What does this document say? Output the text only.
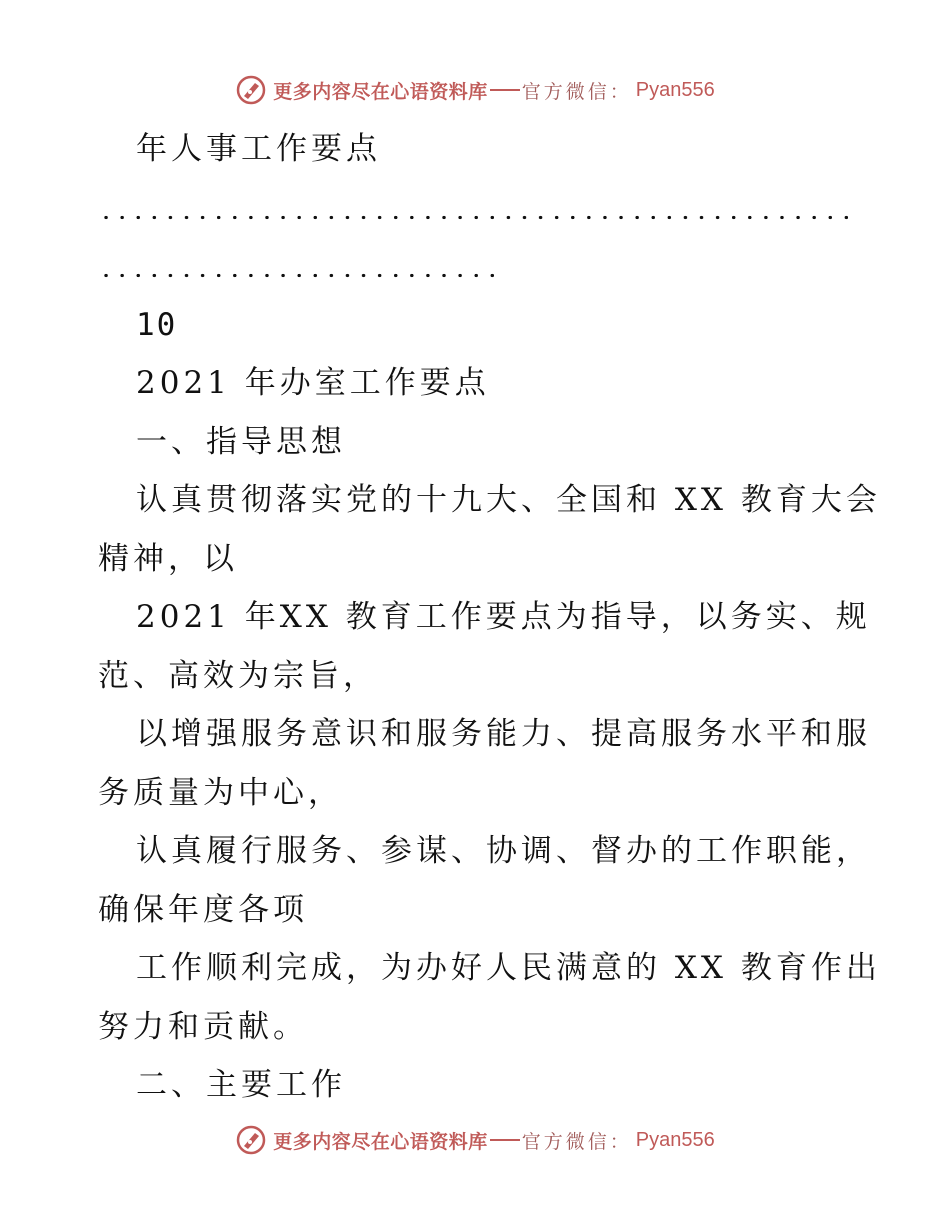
更多内容尽在心语资料库 官方微信： Pyan556
年人事工作要点
10
2021 年办室工作要点
一、指导思想
认真贯彻落实党的十九大、全国和 XX 教育大会
精神，以
2021 年XX 教育工作要点为指导，以务实、规
范、高效为宗旨，
以增强服务意识和服务能力、提高服务水平和服
务质量为中心，
认真履行服务、参谋、协调、督办的工作职能，
确保年度各项
工作顺利完成，为办好人民满意的 XX 教育作出
努力和贡献。
二、主要工作
更多内容尽在心语资料库 官方微信： Pyan556
